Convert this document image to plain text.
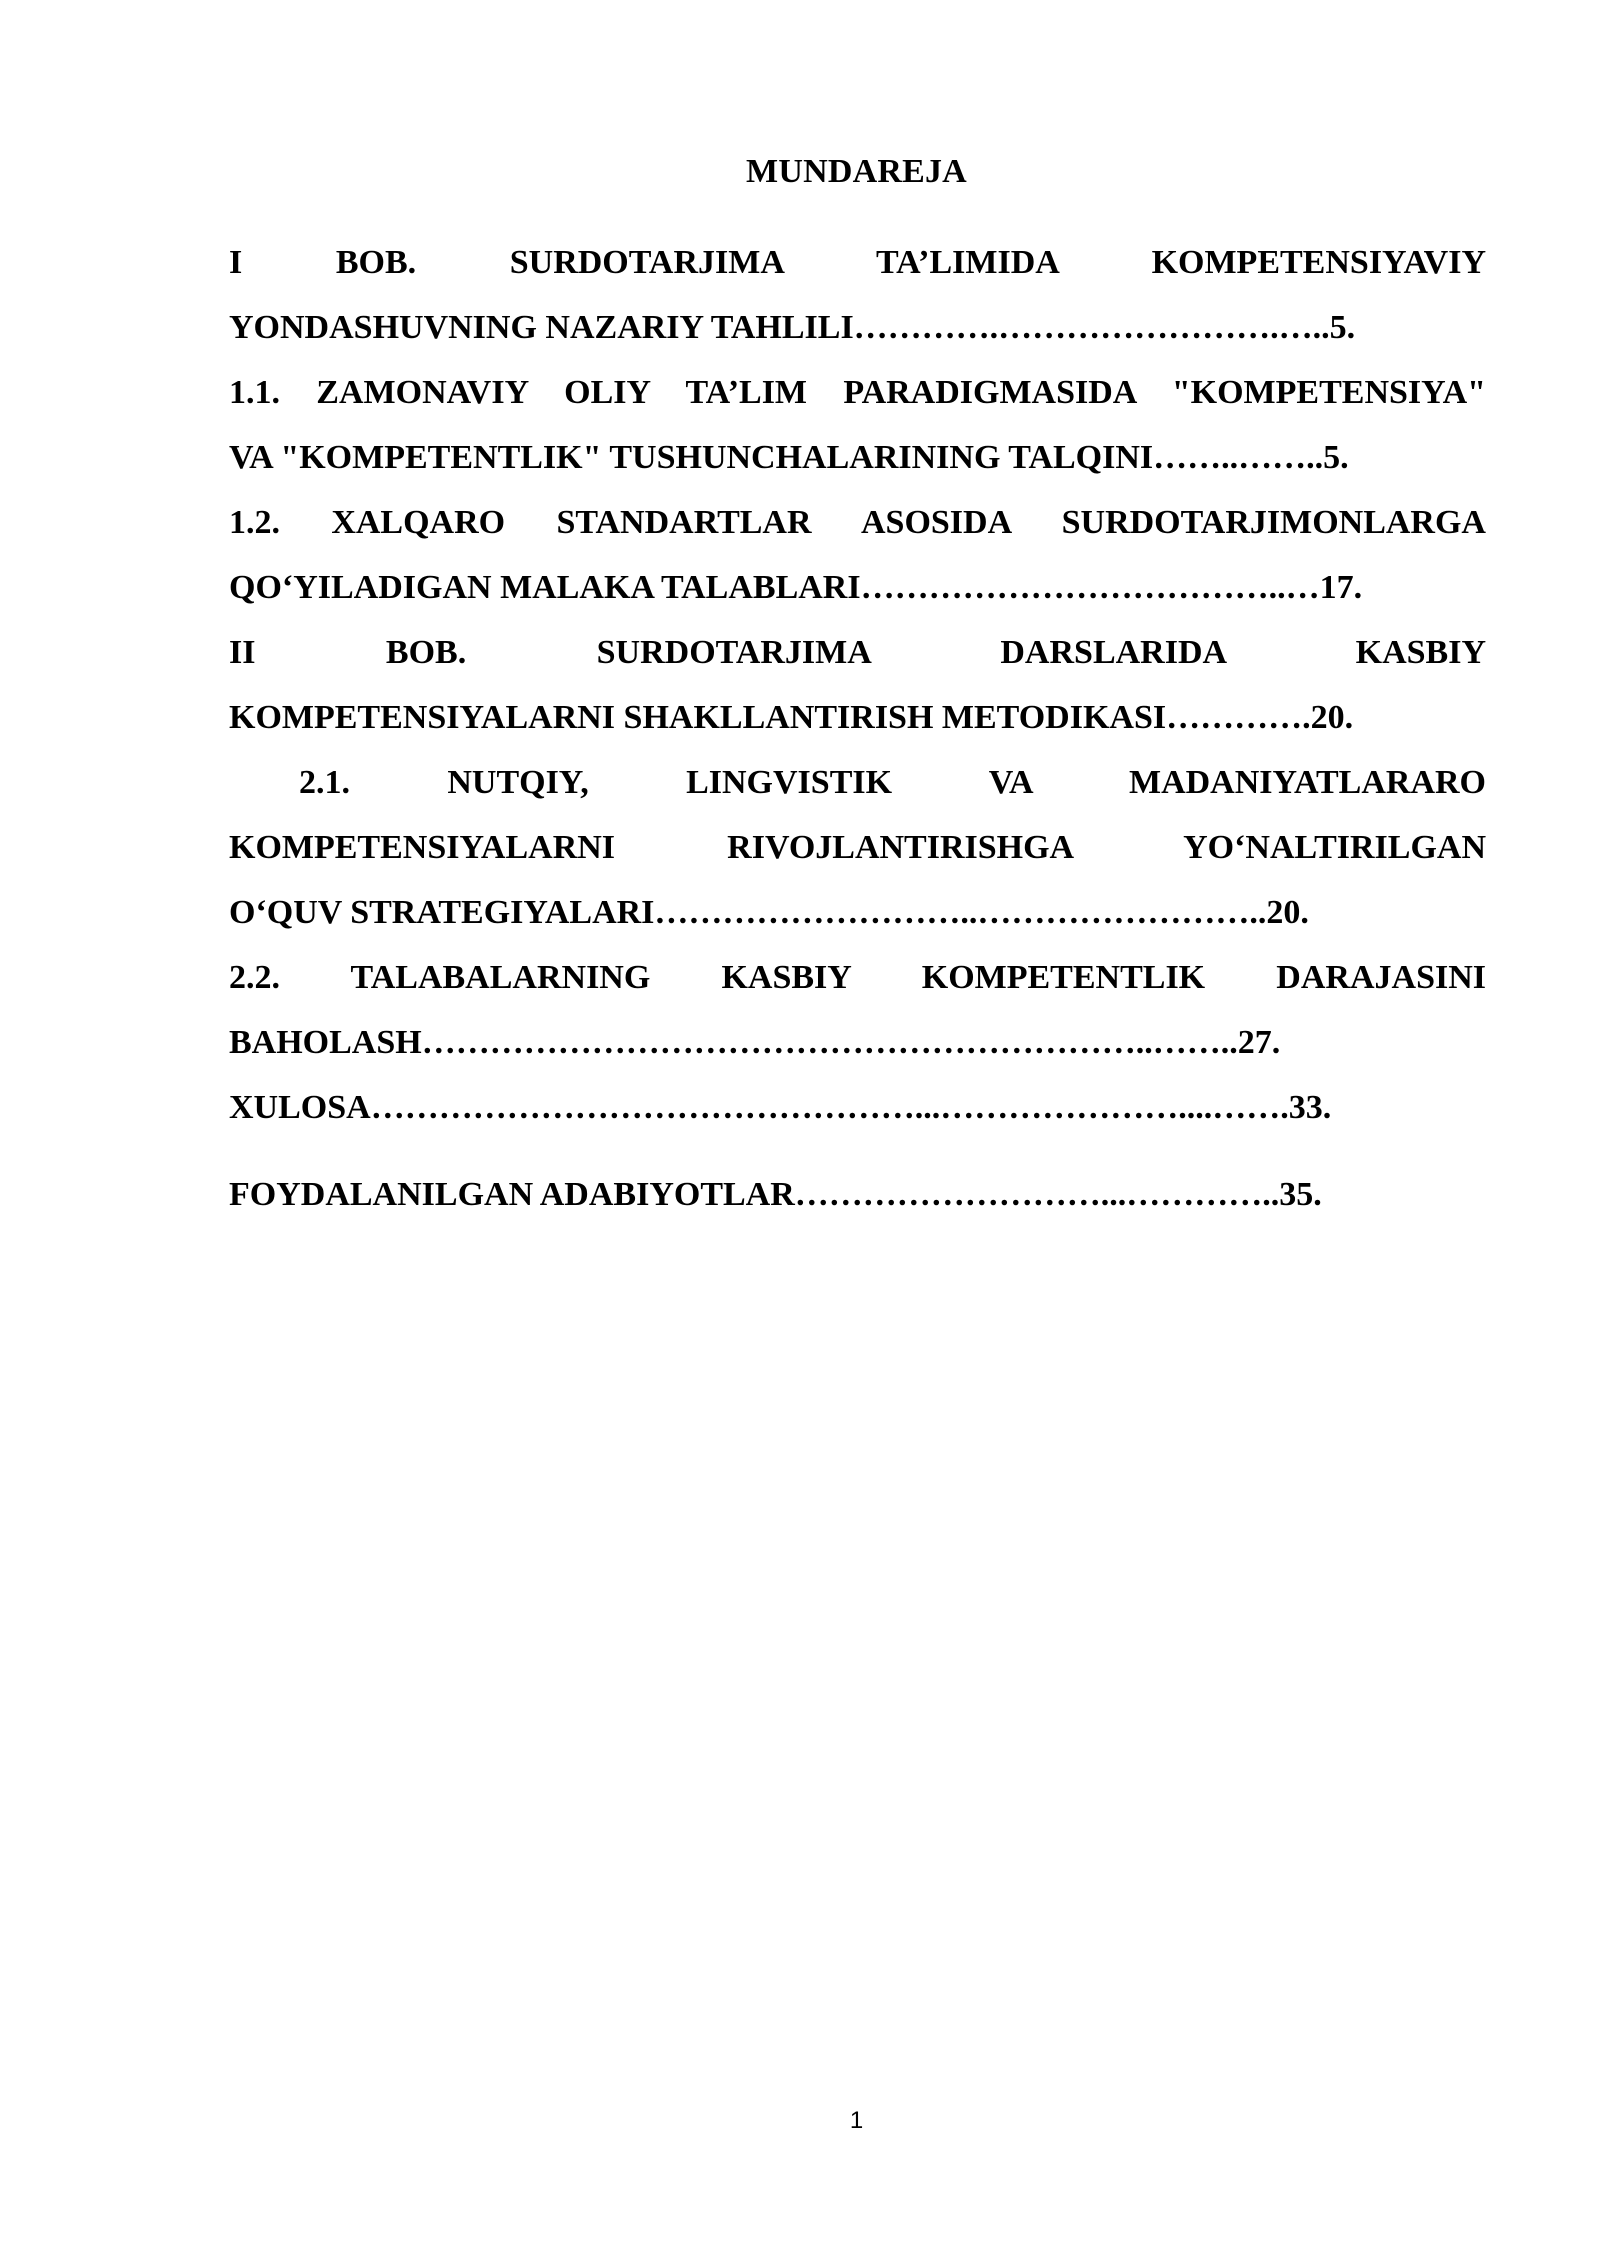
MUNDAREJA
I BOB. SURDOTARJIMA TA’LIMIDA KOMPETENSIYAVIY
YONDASHUVNING NAZARIY TAHLILI………….…………………….…..5.
1.1. ZAMONAVIY OLIY TA’LIM PARADIGMASIDA "KOMPETENSIYA"
VA "KOMPETENTLIK" TUSHUNCHALARINING TALQINI……..……..5.
1.2. XALQARO STANDARTLAR ASOSIDA SURDOTARJIMONLARGA
QO‘YILADIGAN MALAKA TALABLARI………………………………..…17.
II BOB. SURDOTARJIMA DARSLARIDA KASBIY
KOMPETENSIYALARNI SHAKLLANTIRISH METODIKASI………….20.
2.1. NUTQIY, LINGVISTIK VA MADANIYATLARARO
KOMPETENSIYALARNI RIVOJLANTIRISHGA YO‘NALTIRILGAN
O‘QUV STRATEGIYALARI………………………..……………………..20.
2.2. TALABALARNING KASBIY KOMPETENTLIK DARAJASINI
BAHOLASH………………………………………………………..……..27.
XULOSA…………………………………………...…………………....…….33.
FOYDALANILGAN ADABIYOTLAR………………………...…………..35.
1
